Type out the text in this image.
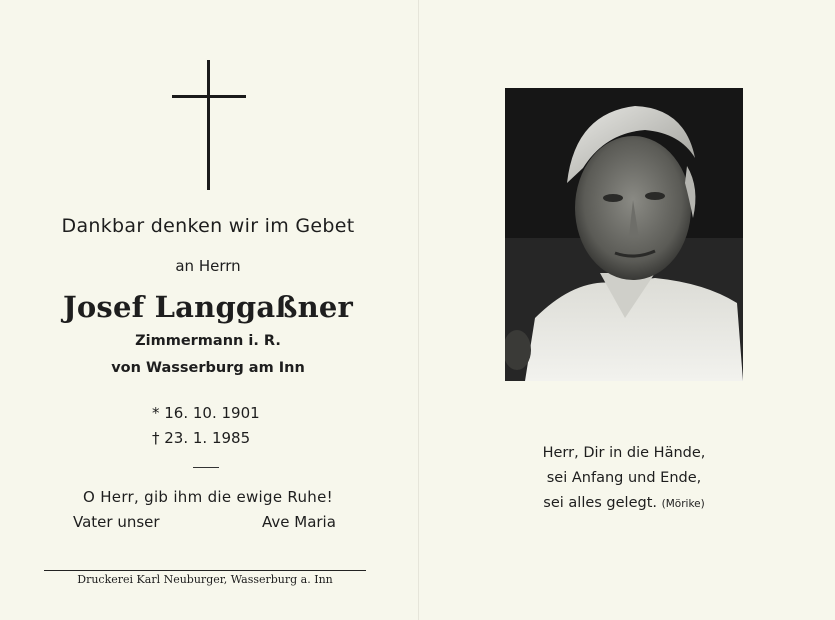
Dankbar denken wir im Gebet
an Herrn
Josef Langgaßner
Zimmermann i. R.
von Wasserburg am Inn
* 16. 10. 1901
† 23. 1. 1985
O Herr, gib ihm die ewige Ruhe!
Vater unser	Ave Maria
Druckerei Karl Neuburger, Wasserburg a. Inn
Herr, Dir in die Hände,
sei Anfang und Ende,
sei alles gelegt. (Mörike)
